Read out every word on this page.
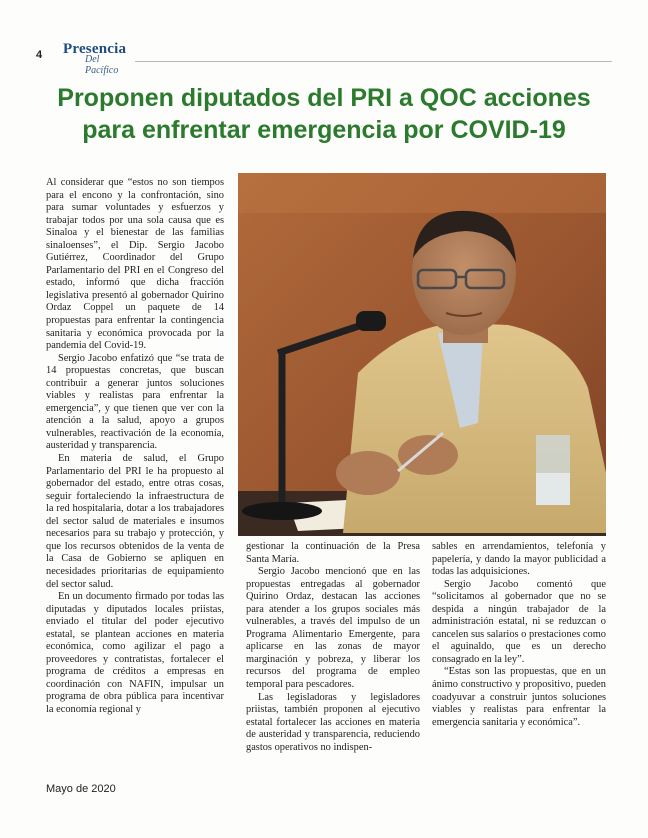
4 Presencia
Del Pacífico
Proponen diputados del PRI a QOC acciones
para enfrentar emergencia por COVID-19

Al considerar que “estos no son tiempos para el encono y la confrontación, sino para sumar voluntades y esfuerzos y trabajar todos por una sola causa que es Sinaloa y el bienestar de las familias sinaloenses”, el Dip. Sergio Jacobo Gutiérrez, Coordinador del Grupo Parlamentario del PRI en el Congreso del estado, informó que dicha fracción legislativa presentó al gobernador Quirino Ordaz Coppel un paquete de 14 propuestas para enfrentar la contingencia sanitaria y económica provocada por la pandemia del Covid-19.

Sergio Jacobo enfatizó que “se trata de 14 propuestas concretas, que buscan contribuir a generar juntos soluciones viables y realistas para enfrentar la emergencia”, y que tienen que ver con la atención a la salud, apoyo a grupos vulnerables, reactivación de la economía, austeridad y transparencia.

En materia de salud, el Grupo Parlamentario del PRI le ha propuesto al gobernador del estado, entre otras cosas, seguir fortaleciendo la infraestructura de la red hospitalaria, dotar a los trabajadores del sector salud de materiales e insumos necesarios para su trabajo y protección, y que los recursos obtenidos de la venta de la Casa de Gobierno se apliquen en necesidades prioritarias de equipamiento del sector salud.

En un documento firmado por todas las diputadas y diputados locales priistas, enviado el titular del poder ejecutivo estatal, se plantean acciones en materia económica, como agilizar el pago a proveedores y contratistas, fortalecer el programa de créditos a empresas en coordinación con NAFIN, impulsar un programa de obra pública para incentivar la economía regional y

gestionar la continuación de la Presa Santa María.

Sergio Jacobo mencionó que en las propuestas entregadas al gobernador Quirino Ordaz, destacan las acciones para atender a los grupos sociales más vulnerables, a través del impulso de un Programa Alimentario Emergente, para aplicarse en las zonas de mayor marginación y pobreza, y liberar los recursos del programa de empleo temporal para pescadores.

Las legisladoras y legisladores priistas, también proponen al ejecutivo estatal fortalecer las acciones en materia de austeridad y transparencia, reduciendo gastos operativos no indispen-

sables en arrendamientos, telefonía y papelería, y dando la mayor publicidad a todas las adquisiciones.

Sergio Jacobo comentó que “solicitamos al gobernador que no se despida a ningún trabajador de la administración estatal, ni se reduzcan o cancelen sus salarios o prestaciones como el aguinaldo, que es un derecho consagrado en la ley”.

“Estas son las propuestas, que en un ánimo constructivo y propositivo, pueden coadyuvar a construir juntos soluciones viables y realistas para enfrentar la emergencia sanitaria y económica”.

Mayo de 2020
